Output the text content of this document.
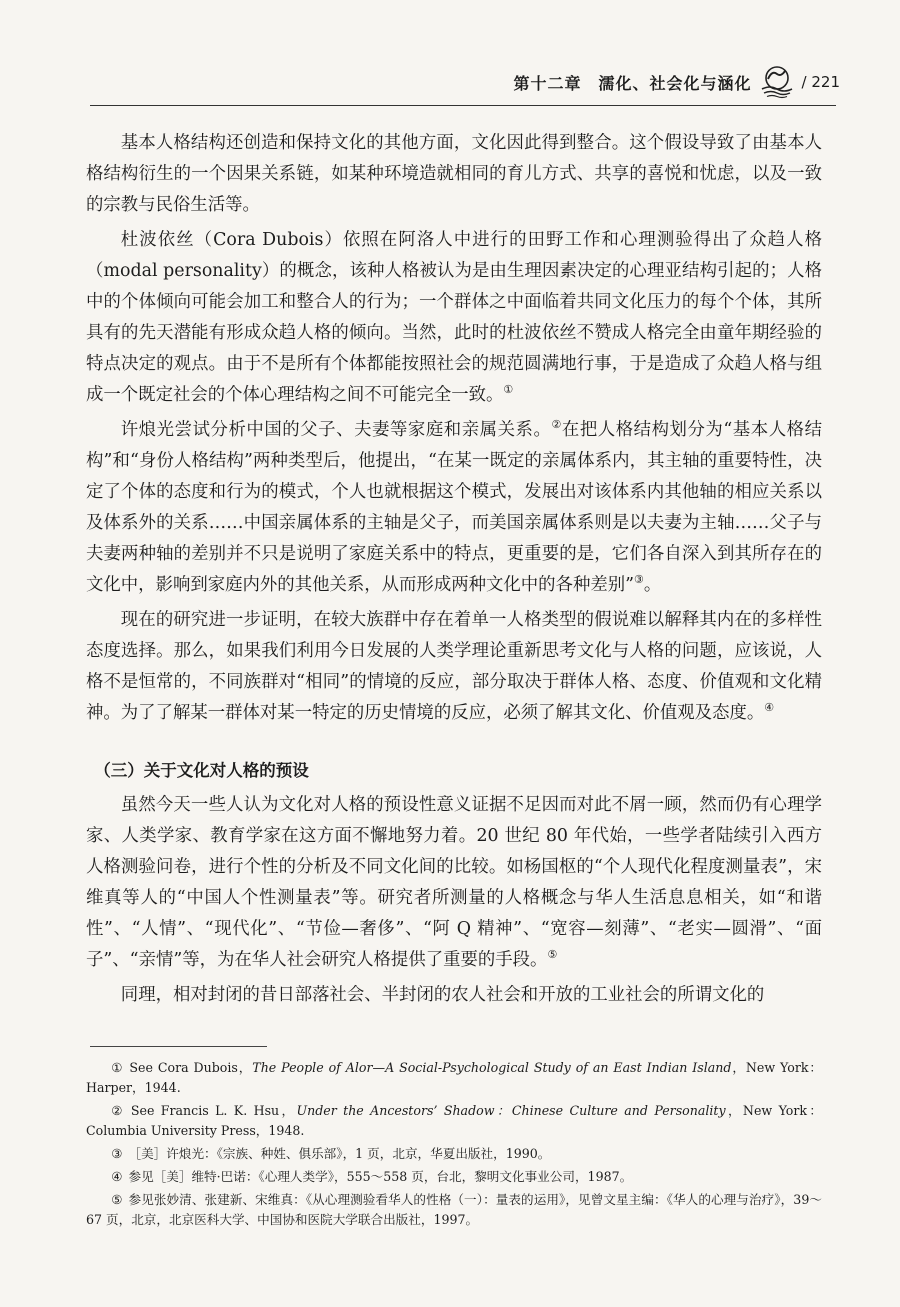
第十二章　濡化、社会化与涵化	/ 221

基本人格结构还创造和保持文化的其他方面，文化因此得到整合。这个假设导致了由基本人格结构衍生的一个因果关系链，如某种环境造就相同的育儿方式、共享的喜悦和忧虑，以及一致的宗教与民俗生活等。

杜波依丝（Cora Dubois）依照在阿洛人中进行的田野工作和心理测验得出了众趋人格（modal personality）的概念，该种人格被认为是由生理因素决定的心理亚结构引起的；人格中的个体倾向可能会加工和整合人的行为；一个群体之中面临着共同文化压力的每个个体，其所具有的先天潜能有形成众趋人格的倾向。当然，此时的杜波依丝不赞成人格完全由童年期经验的特点决定的观点。由于不是所有个体都能按照社会的规范圆满地行事，于是造成了众趋人格与组成一个既定社会的个体心理结构之间不可能完全一致。①

许烺光尝试分析中国的父子、夫妻等家庭和亲属关系。②在把人格结构划分为“基本人格结构”和“身份人格结构”两种类型后，他提出，“在某一既定的亲属体系内，其主轴的重要特性，决定了个体的态度和行为的模式，个人也就根据这个模式，发展出对该体系内其他轴的相应关系以及体系外的关系……中国亲属体系的主轴是父子，而美国亲属体系则是以夫妻为主轴……父子与夫妻两种轴的差别并不只是说明了家庭关系中的特点，更重要的是，它们各自深入到其所存在的文化中，影响到家庭内外的其他关系，从而形成两种文化中的各种差别”③。

现在的研究进一步证明，在较大族群中存在着单一人格类型的假说难以解释其内在的多样性态度选择。那么，如果我们利用今日发展的人类学理论重新思考文化与人格的问题，应该说，人格不是恒常的，不同族群对“相同”的情境的反应，部分取决于群体人格、态度、价值观和文化精神。为了了解某一群体对某一特定的历史情境的反应，必须了解其文化、价值观及态度。④

（三）关于文化对人格的预设

虽然今天一些人认为文化对人格的预设性意义证据不足因而对此不屑一顾，然而仍有心理学家、人类学家、教育学家在这方面不懈地努力着。20 世纪 80 年代始，一些学者陆续引入西方人格测验问卷，进行个性的分析及不同文化间的比较。如杨国枢的“个人现代化程度测量表”，宋维真等人的“中国人个性测量表”等。研究者所测量的人格概念与华人生活息息相关，如“和谐性”、“人情”、“现代化”、“节俭—奢侈”、“阿 Q 精神”、“宽容—刻薄”、“老实—圆滑”、“面子”、“亲情”等，为在华人社会研究人格提供了重要的手段。⑤

同理，相对封闭的昔日部落社会、半封闭的农人社会和开放的工业社会的所谓文化的

① See Cora Dubois，The People of Alor—A Social-Psychological Study of an East Indian Island，New York：Harper，1944.
② See Francis L. K. Hsu，Under the Ancestors’ Shadow：Chinese Culture and Personality，New York：Columbia University Press，1948.
③ ［美］许烺光：《宗族、种姓、俱乐部》，1 页，北京，华夏出版社，1990。
④ 参见［美］维特·巴诺：《心理人类学》，555～558 页，台北，黎明文化事业公司，1987。
⑤ 参见张妙清、张建新、宋维真：《从心理测验看华人的性格（一）：量表的运用》，见曾文星主编：《华人的心理与治疗》，39～67 页，北京，北京医科大学、中国协和医院大学联合出版社，1997。
